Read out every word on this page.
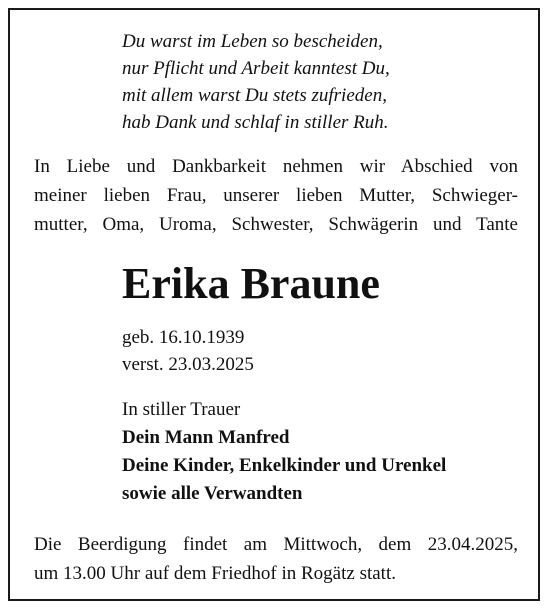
Du warst im Leben so bescheiden,
nur Pflicht und Arbeit kanntest Du,
mit allem warst Du stets zufrieden,
hab Dank und schlaf in stiller Ruh.
In Liebe und Dankbarkeit nehmen wir Abschied von
meiner lieben Frau, unserer lieben Mutter, Schwieger-
mutter, Oma, Uroma, Schwester, Schwägerin und Tante
Erika Braune
geb. 16.10.1939
verst. 23.03.2025
In stiller Trauer
Dein Mann Manfred
Deine Kinder, Enkelkinder und Urenkel
sowie alle Verwandten
Die Beerdigung findet am Mittwoch, dem 23.04.2025,
um 13.00 Uhr auf dem Friedhof in Rogätz statt.
